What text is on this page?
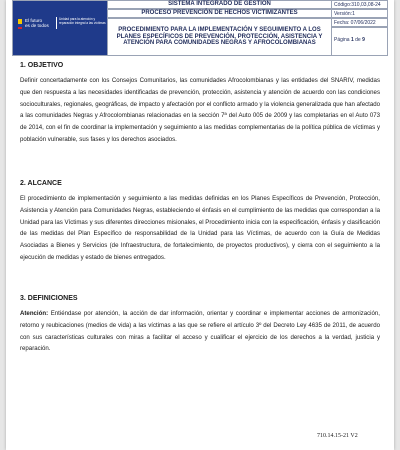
El futuro
es de todos
Unidad para la atención y reparación integral a las víctimas
SISTEMA INTEGRADO DE GESTIÓN
PROCESO PREVENCIÓN DE HECHOS VICTIMIZANTES
PROCEDIMIENTO PARA LA IMPLEMENTACIÓN Y SEGUIMIENTO A LOS PLANES ESPECÍFICOS DE PREVENCIÓN, PROTECCIÓN, ASISTENCIA Y ATENCIÓN PARA COMUNIDADES NEGRAS Y AFROCOLOMBIANAS
Código:310,03,08-24
Versión:1
Fecha: 07/06/2022
Página
1
de
9
1. OBJETIVO
Definir concertadamente con los Consejos Comunitarios, las comunidades Afrocolombianas y las entidades del SNARIV, medidas que den respuesta a las necesidades identificadas de prevención, protección, asistencia y atención de acuerdo con las condiciones socioculturales, regionales, geográficas, de impacto y afectación por el conflicto armado y la violencia generalizada que han afectado a las comunidades Negras y Afrocolombianas relacionadas en la sección 7ª del Auto 005 de 2009 y las completarias en el Auto 073 de 2014, con el fin de coordinar la implementación y seguimiento a las medidas complementarias de la política pública de víctimas y población vulnerable, sus fases y los derechos asociados.
2. ALCANCE
El procedimiento de implementación y seguimiento a las medidas definidas en los Planes Específicos de Prevención, Protección, Asistencia y Atención para Comunidades Negras, estableciendo el énfasis en el cumplimiento de las medidas que correspondan a la Unidad para las Víctimas y sus diferentes direcciones misionales, el Procedimiento inicia con la especificación, énfasis y clasificación de las medidas del Plan Específico de responsabilidad de la Unidad para las Víctimas, de acuerdo con la Guía de Medidas Asociadas a Bienes y Servicios (de Infraestructura, de fortalecimiento, de proyectos productivos), y cierra con el seguimiento a la ejecución de medidas y estado de bienes entregados.
3. DEFINICIONES
Atención: Entiéndase por atención, la acción de dar información, orientar y coordinar e implementar acciones de armonización, retorno y reubicaciones (medios de vida) a las víctimas a las que se refiere el artículo 3º del Decreto Ley 4635 de 2011, de acuerdo con sus características culturales con miras a facilitar el acceso y cualificar el ejercicio de los derechos a la verdad, justicia y reparación.
710.14.15-21 V2
